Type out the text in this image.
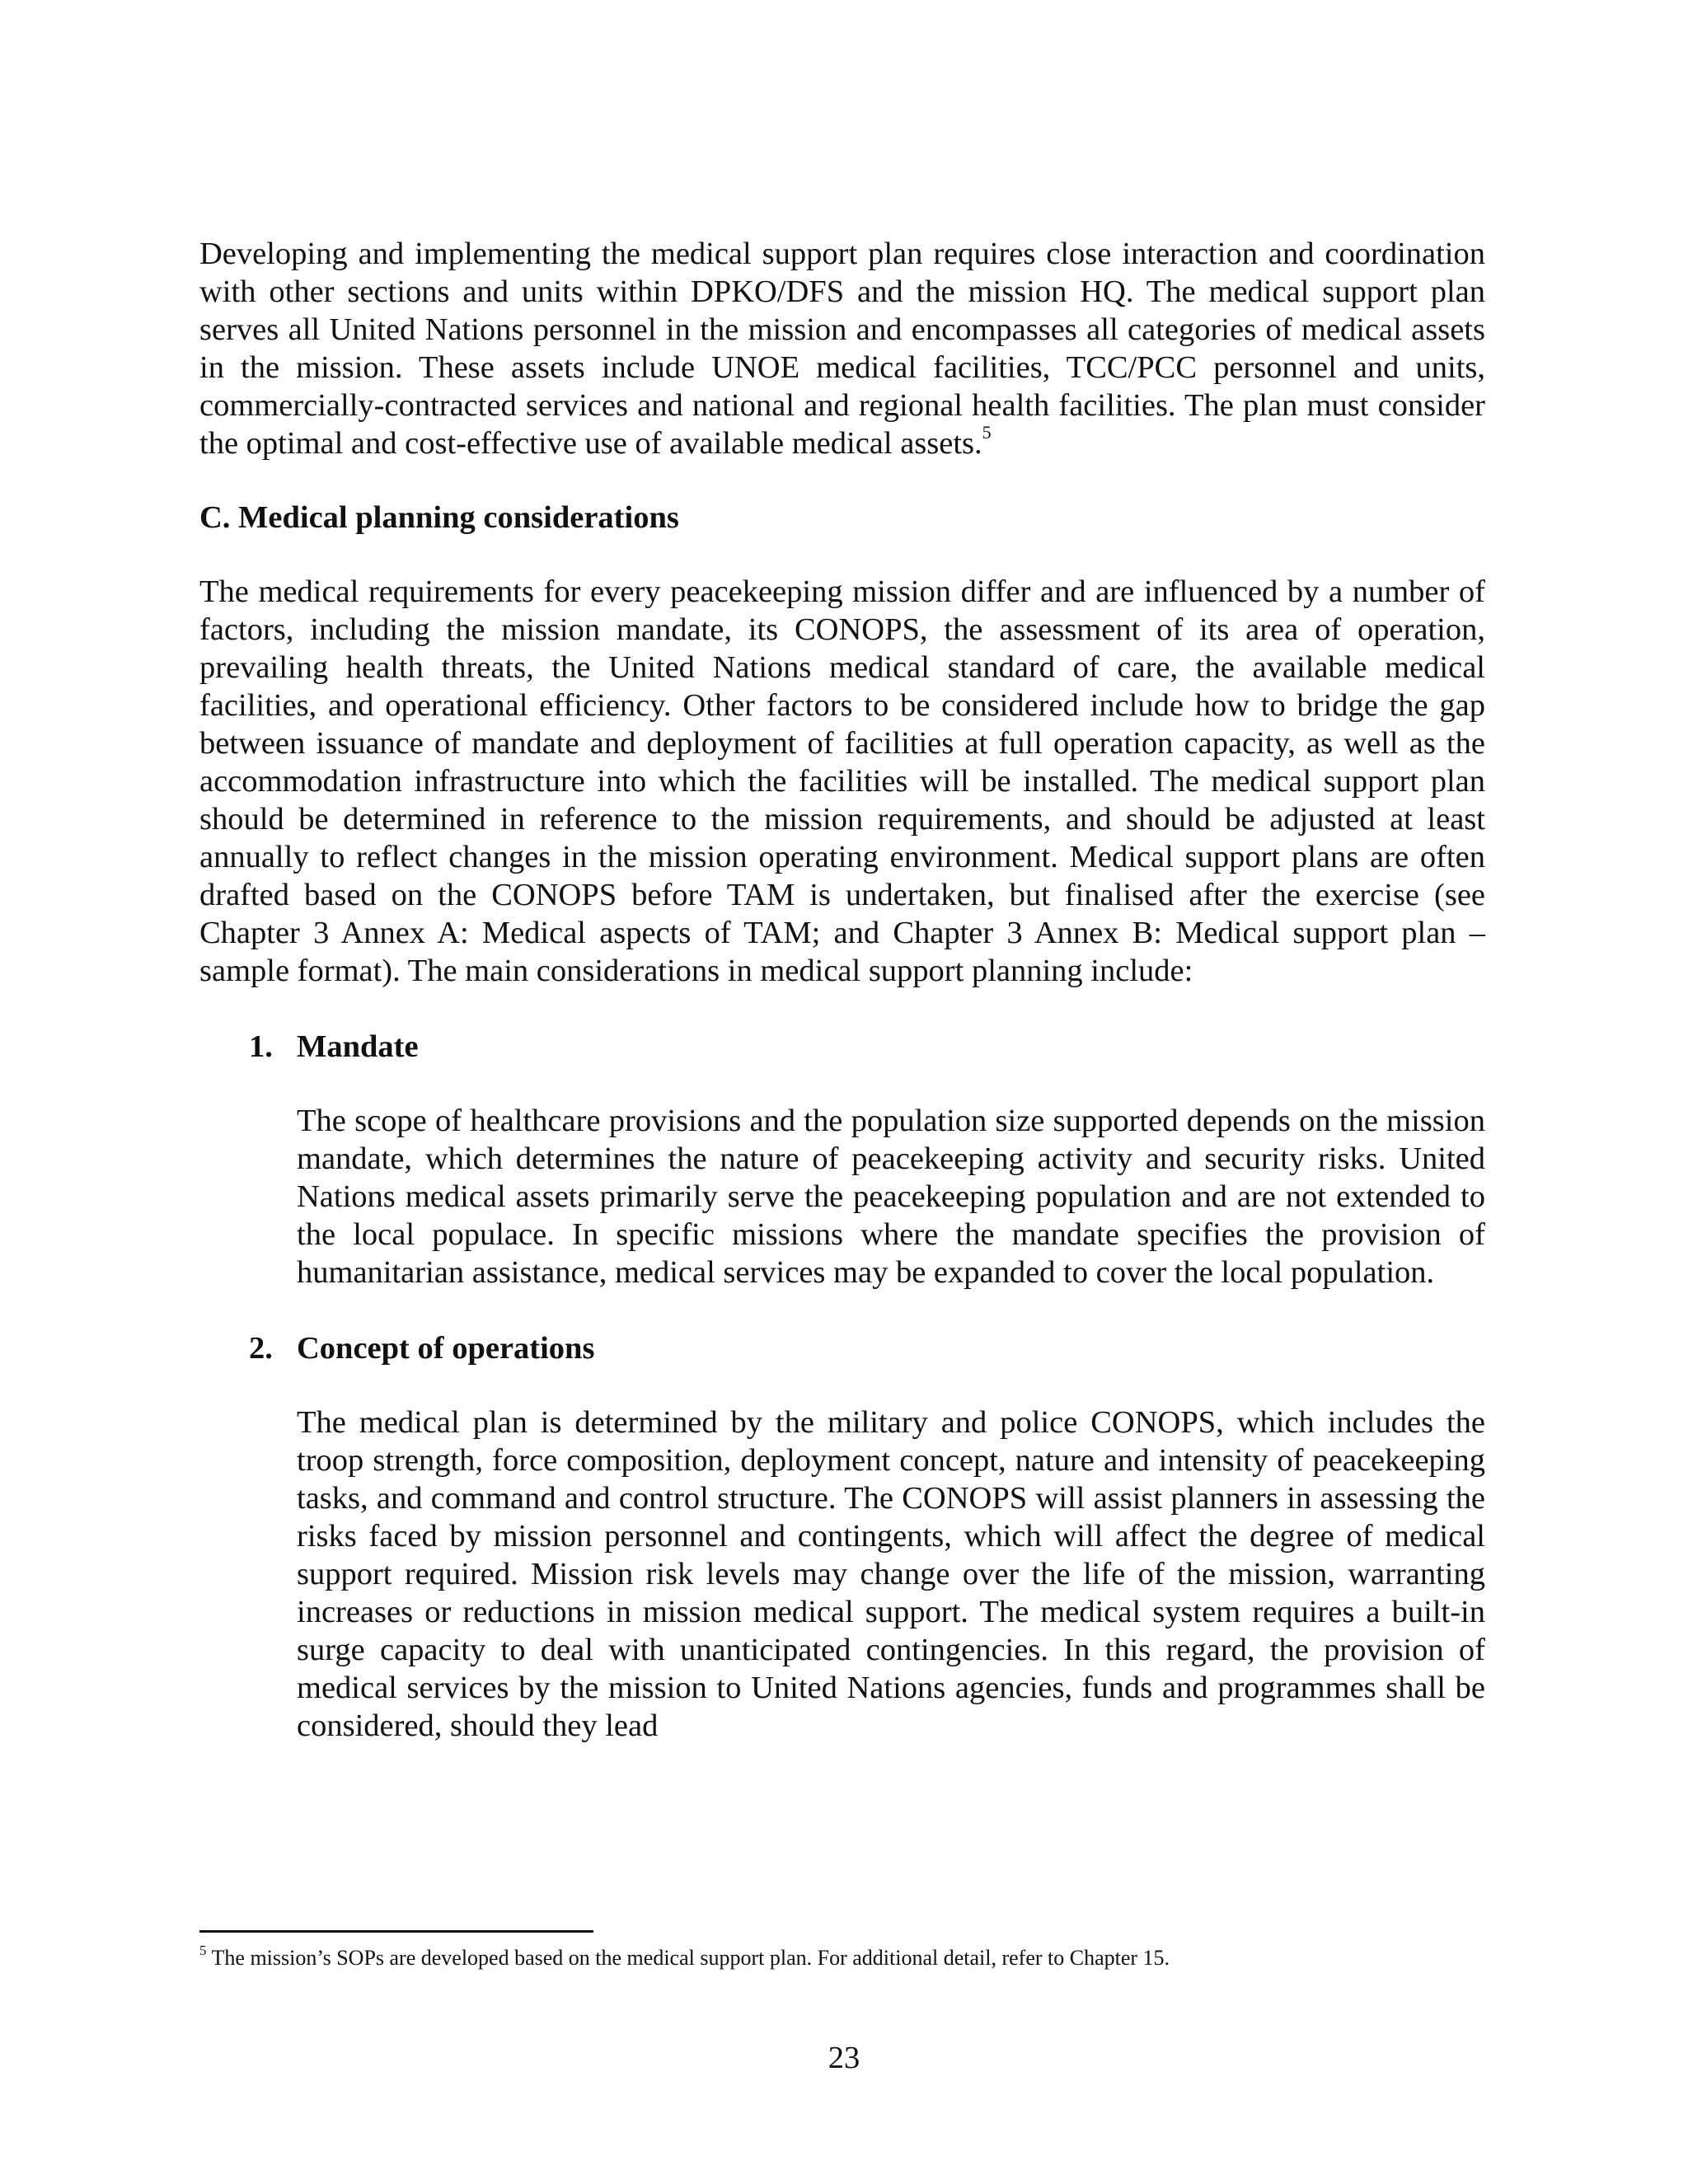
Developing and implementing the medical support plan requires close interaction and coordination with other sections and units within DPKO/DFS and the mission HQ. The medical support plan serves all United Nations personnel in the mission and encompasses all categories of medical assets in the mission. These assets include UNOE medical facilities, TCC/PCC personnel and units, commercially-contracted services and national and regional health facilities. The plan must consider the optimal and cost-effective use of available medical assets.$^5$

C. Medical planning considerations

The medical requirements for every peacekeeping mission differ and are influenced by a number of factors, including the mission mandate, its CONOPS, the assessment of its area of operation, prevailing health threats, the United Nations medical standard of care, the available medical facilities, and operational efficiency. Other factors to be considered include how to bridge the gap between issuance of mandate and deployment of facilities at full operation capacity, as well as the accommodation infrastructure into which the facilities will be installed. The medical support plan should be determined in reference to the mission requirements, and should be adjusted at least annually to reflect changes in the mission operating environment. Medical support plans are often drafted based on the CONOPS before TAM is undertaken, but finalised after the exercise (see Chapter 3 Annex A: Medical aspects of TAM; and Chapter 3 Annex B: Medical support plan – sample format). The main considerations in medical support planning include:

1. Mandate

The scope of healthcare provisions and the population size supported depends on the mission mandate, which determines the nature of peacekeeping activity and security risks. United Nations medical assets primarily serve the peacekeeping population and are not extended to the local populace. In specific missions where the mandate specifies the provision of humanitarian assistance, medical services may be expanded to cover the local population.

2. Concept of operations

The medical plan is determined by the military and police CONOPS, which includes the troop strength, force composition, deployment concept, nature and intensity of peacekeeping tasks, and command and control structure. The CONOPS will assist planners in assessing the risks faced by mission personnel and contingents, which will affect the degree of medical support required. Mission risk levels may change over the life of the mission, warranting increases or reductions in mission medical support. The medical system requires a built-in surge capacity to deal with unanticipated contingencies. In this regard, the provision of medical services by the mission to United Nations agencies, funds and programmes shall be considered, should they lead

$^5$ The mission’s SOPs are developed based on the medical support plan. For additional detail, refer to Chapter 15.
23
